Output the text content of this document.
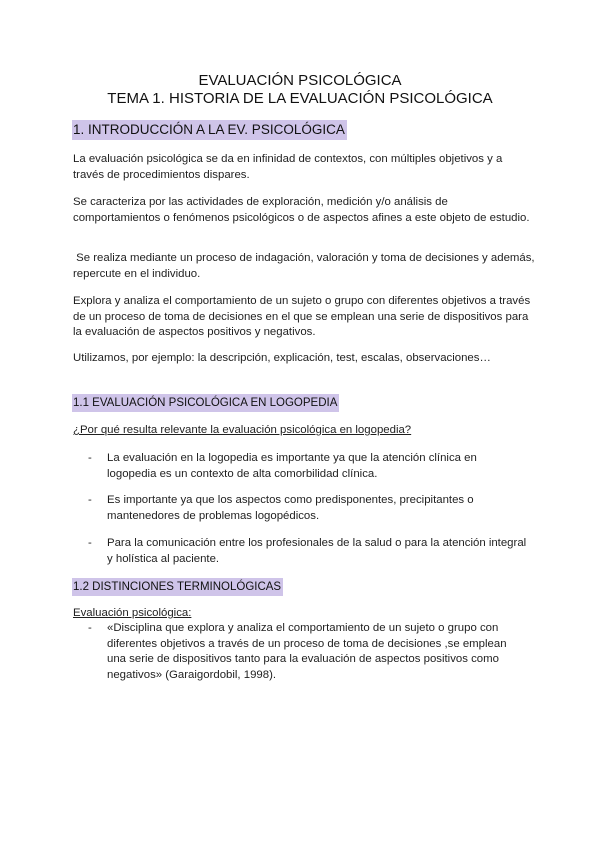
EVALUACIÓN PSICOLÓGICA
TEMA 1. HISTORIA DE LA EVALUACIÓN PSICOLÓGICA
1. INTRODUCCIÓN A LA EV. PSICOLÓGICA

La evaluación psicológica se da en infinidad de contextos, con múltiples objetivos y a través de procedimientos dispares.

Se caracteriza por las actividades de exploración, medición y/o análisis de comportamientos o fenómenos psicológicos o de aspectos afines a este objeto de estudio.

Se realiza mediante un proceso de indagación, valoración y toma de decisiones y además, repercute en el individuo.

Explora y analiza el comportamiento de un sujeto o grupo con diferentes objetivos a través de un proceso de toma de decisiones en el que se emplean una serie de dispositivos para la evaluación de aspectos positivos y negativos.

Utilizamos, por ejemplo: la descripción, explicación, test, escalas, observaciones…

1.1 EVALUACIÓN PSICOLÓGICA EN LOGOPEDIA
¿Por qué resulta relevante la evaluación psicológica en logopedia?
- La evaluación en la logopedia es importante ya que la atención clínica en logopedia es un contexto de alta comorbilidad clínica.
- Es importante ya que los aspectos como predisponentes, precipitantes o mantenedores de problemas logopédicos.
- Para la comunicación entre los profesionales de la salud o para la atención integral y holística al paciente.
1.2 DISTINCIONES TERMINOLÓGICAS
Evaluación psicológica:
- «Disciplina que explora y analiza el comportamiento de un sujeto o grupo con diferentes objetivos a través de un proceso de toma de decisiones ,se emplean una serie de dispositivos tanto para la evaluación de aspectos positivos como negativos» (Garaigordobil, 1998).
